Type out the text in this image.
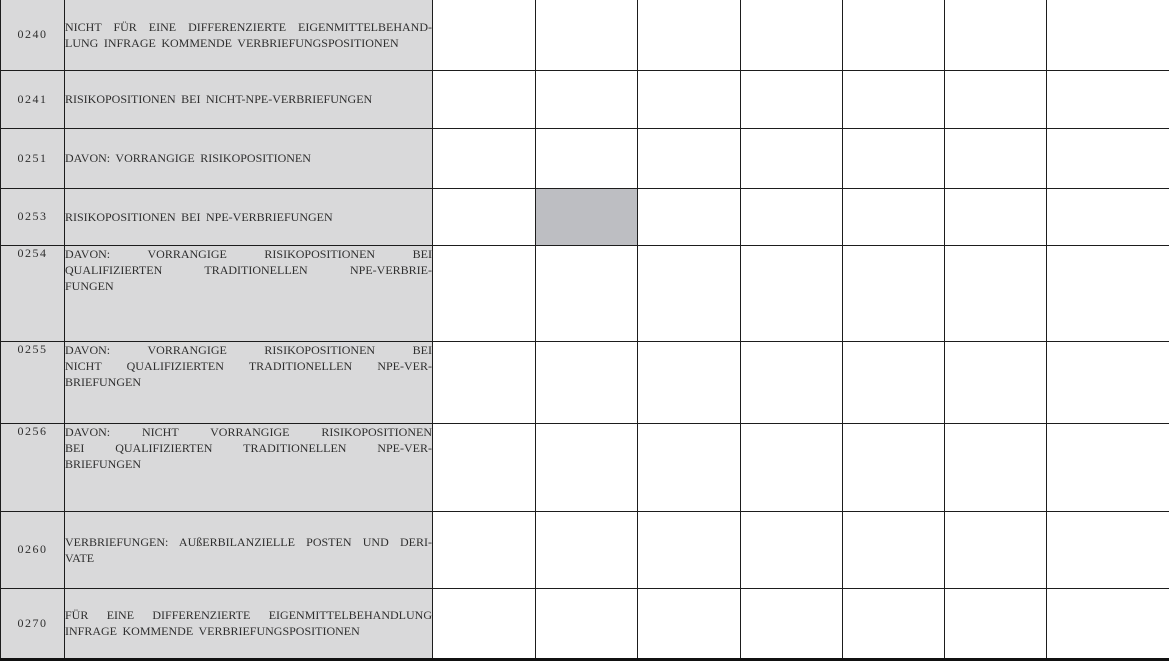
0240	NICHT FÜR EINE DIFFERENZIERTE EIGENMITTELBEHAND-
LUNG INFRAGE KOMMENDE VERBRIEFUNGSPOSITIONEN							

0241	RISIKOPOSITIONEN BEI NICHT-NPE-VERBRIEFUNGEN							

0251	DAVON: VORRANGIGE RISIKOPOSITIONEN							

0253	RISIKOPOSITIONEN BEI NPE-VERBRIEFUNGEN							

0254	DAVON: VORRANGIGE RISIKOPOSITIONEN BEI
QUALIFIZIERTEN TRADITIONELLEN NPE-VERBRIE-
FUNGEN							

0255	DAVON: VORRANGIGE RISIKOPOSITIONEN BEI
NICHT QUALIFIZIERTEN TRADITIONELLEN NPE-VER-
BRIEFUNGEN							

0256	DAVON: NICHT VORRANGIGE RISIKOPOSITIONEN
BEI QUALIFIZIERTEN TRADITIONELLEN NPE-VER-
BRIEFUNGEN							

0260	VERBRIEFUNGEN: AUßERBILANZIELLE POSTEN UND DERI-
VATE							

0270	FÜR EINE DIFFERENZIERTE EIGENMITTELBEHANDLUNG
INFRAGE KOMMENDE VERBRIEFUNGSPOSITIONEN							
